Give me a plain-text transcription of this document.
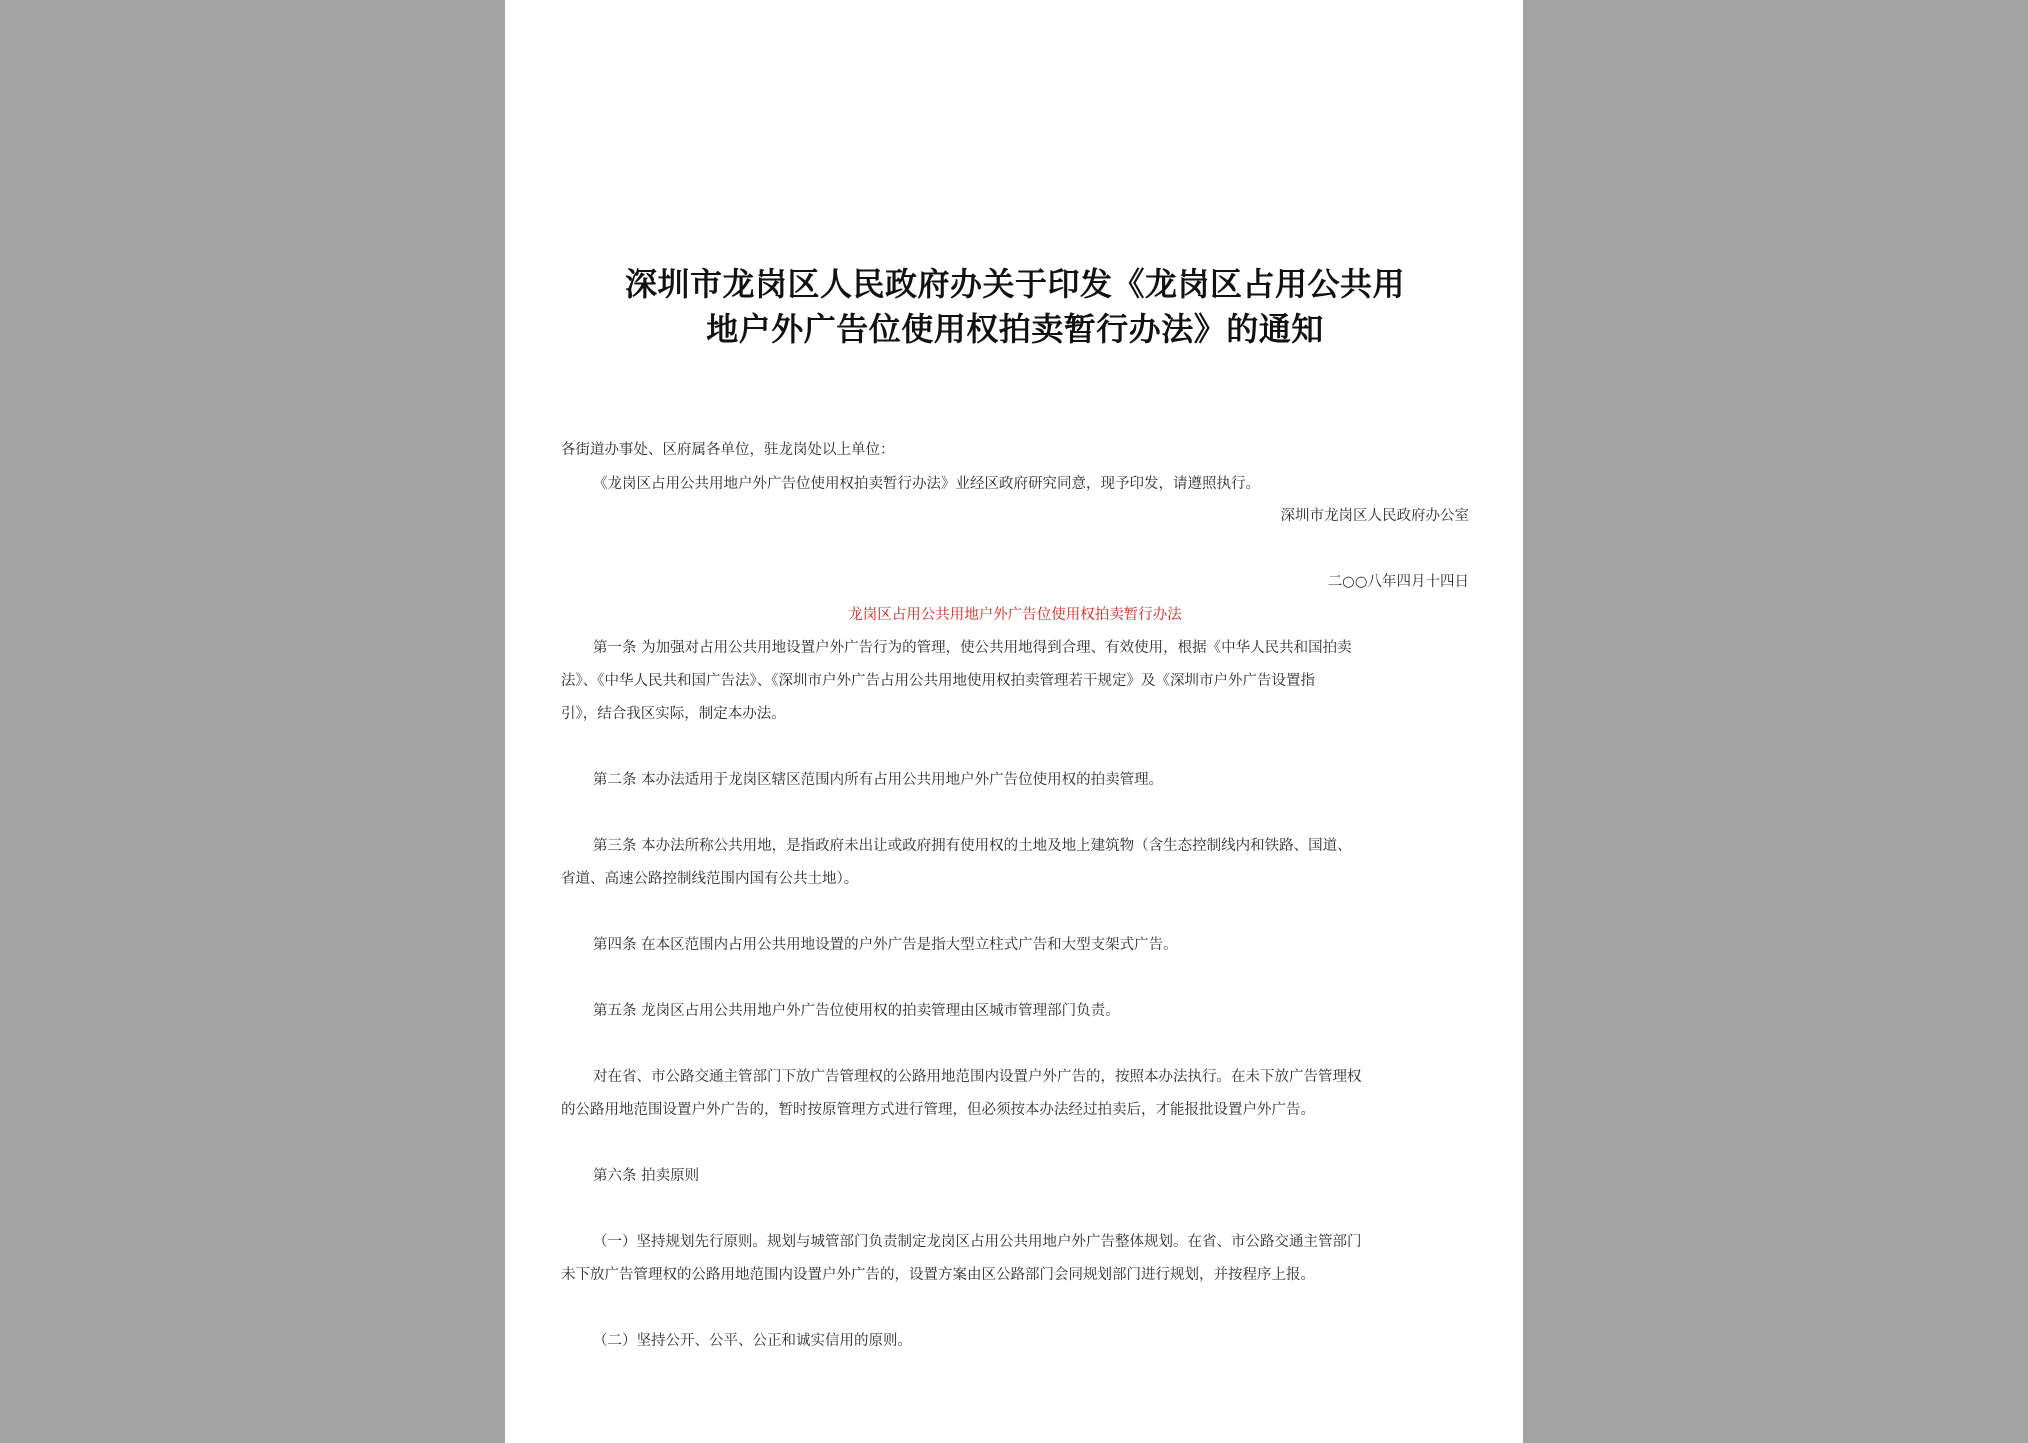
深圳市龙岗区人民政府办关于印发《龙岗区占用公共用
地户外广告位使用权拍卖暂行办法》的通知
各街道办事处、区府属各单位，驻龙岗处以上单位：
《龙岗区占用公共用地户外广告位使用权拍卖暂行办法》业经区政府研究同意，现予印发，请遵照执行。
深圳市龙岗区人民政府办公室
二○○八年四月十四日
龙岗区占用公共用地户外广告位使用权拍卖暂行办法
第一条 为加强对占用公共用地设置户外广告行为的管理，使公共用地得到合理、有效使用，根据《中华人民共和国拍卖
法》、《中华人民共和国广告法》、《深圳市户外广告占用公共用地使用权拍卖管理若干规定》及《深圳市户外广告设置指
引》，结合我区实际，制定本办法。
第二条 本办法适用于龙岗区辖区范围内所有占用公共用地户外广告位使用权的拍卖管理。
第三条 本办法所称公共用地，是指政府未出让或政府拥有使用权的土地及地上建筑物（含生态控制线内和铁路、国道、
省道、高速公路控制线范围内国有公共土地）。
第四条 在本区范围内占用公共用地设置的户外广告是指大型立柱式广告和大型支架式广告。
第五条 龙岗区占用公共用地户外广告位使用权的拍卖管理由区城市管理部门负责。
对在省、市公路交通主管部门下放广告管理权的公路用地范围内设置户外广告的，按照本办法执行。在未下放广告管理权
的公路用地范围设置户外广告的，暂时按原管理方式进行管理，但必须按本办法经过拍卖后，才能报批设置户外广告。
第六条 拍卖原则
（一）坚持规划先行原则。规划与城管部门负责制定龙岗区占用公共用地户外广告整体规划。在省、市公路交通主管部门
未下放广告管理权的公路用地范围内设置户外广告的，设置方案由区公路部门会同规划部门进行规划，并按程序上报。
（二）坚持公开、公平、公正和诚实信用的原则。
